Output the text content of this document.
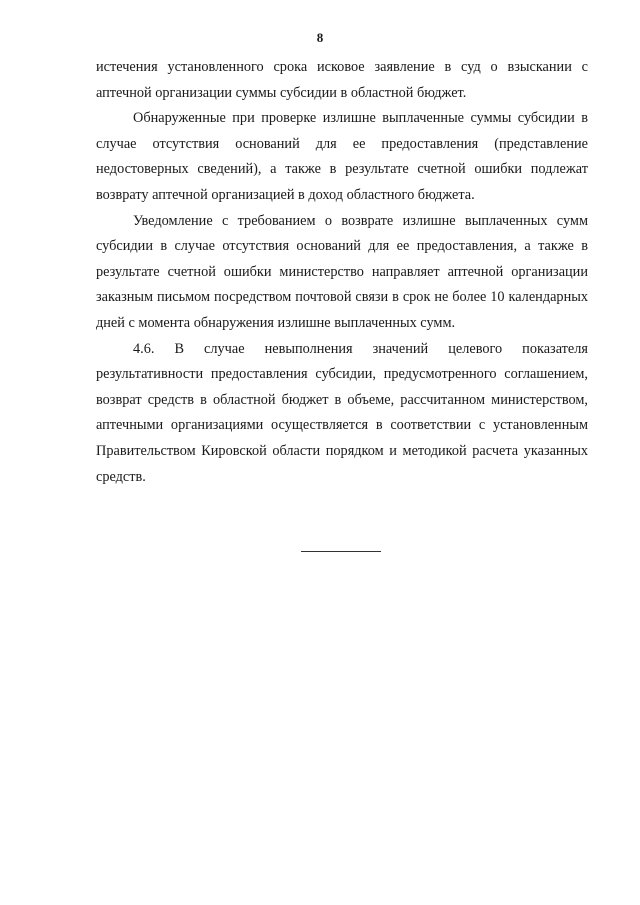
8

истечения установленного срока исковое заявление в суд о взыскании с аптечной организации суммы субсидии в областной бюджет.

Обнаруженные при проверке излишне выплаченные суммы субсидии в случае отсутствия оснований для ее предоставления (представление недостоверных сведений), а также в результате счетной ошибки подлежат возврату аптечной организацией в доход областного бюджета.

Уведомление с требованием о возврате излишне выплаченных сумм субсидии в случае отсутствия оснований для ее предоставления, а также в результате счетной ошибки министерство направляет аптечной организации заказным письмом посредством почтовой связи в срок не более 10 календарных дней с момента обнаружения излишне выплаченных сумм.

4.6. В случае невыполнения значений целевого показателя результативности предоставления субсидии, предусмотренного соглашением, возврат средств в областной бюджет в объеме, рассчитанном министерством, аптечными организациями осуществляется в соответствии с установленным Правительством Кировской области порядком и методикой расчета указанных средств.
